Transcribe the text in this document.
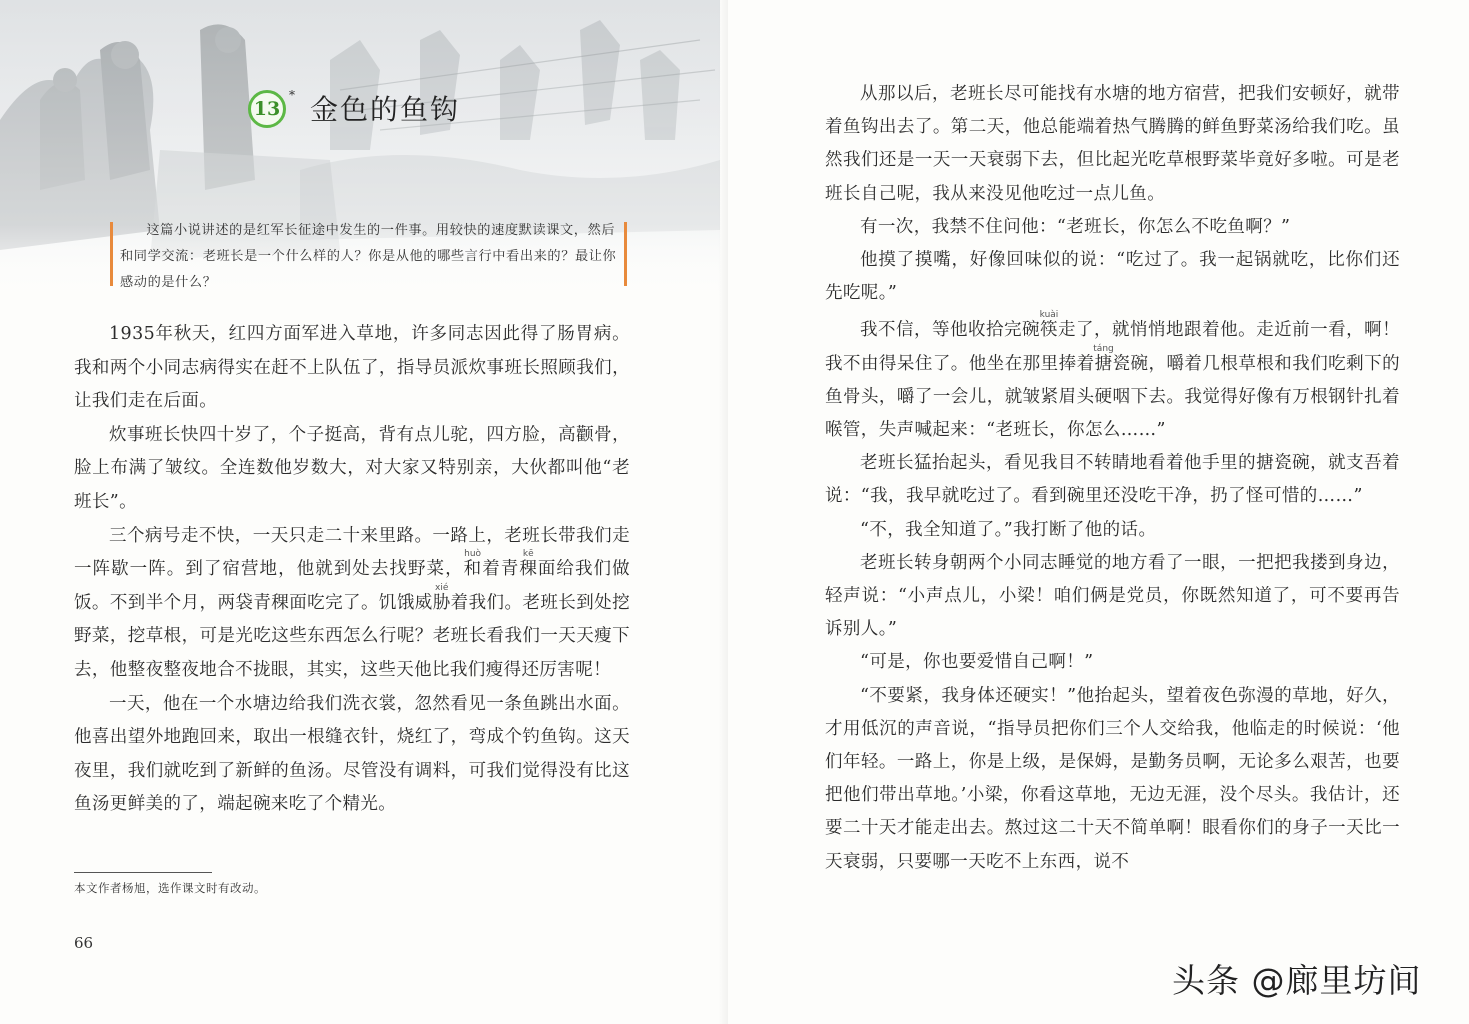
13
* 金色的鱼钩

这篇小说讲述的是红军长征途中发生的一件事。用较快的速度默读课文，然后和同学交流：老班长是一个什么样的人？你是从他的哪些言行中看出来的？最让你感动的是什么？

1935年秋天，红四方面军进入草地，许多同志因此得了肠胃病。我和两个小同志病得实在赶不上队伍了，指导员派炊事班长照顾我们，让我们走在后面。

炊事班长快四十岁了，个子挺高，背有点儿驼，四方脸，高颧骨，脸上布满了皱纹。全连数他岁数大，对大家又特别亲，大伙都叫他“老班长”。

三个病号走不快，一天只走二十来里路。一路上，老班长带我们走一阵歇一阵。到了宿营地，他就到处去找野菜，和huò着青稞kē面给我们做饭。不到半个月，两袋青稞面吃完了。饥饿威胁xié着我们。老班长到处挖野菜，挖草根，可是光吃这些东西怎么行呢？老班长看我们一天天瘦下去，他整夜整夜地合不拢眼，其实，这些天他比我们瘦得还厉害呢！

一天，他在一个水塘边给我们洗衣裳，忽然看见一条鱼跳出水面。他喜出望外地跑回来，取出一根缝衣针，烧红了，弯成个钓鱼钩。这天夜里，我们就吃到了新鲜的鱼汤。尽管没有调料，可我们觉得没有比这鱼汤更鲜美的了，端起碗来吃了个精光。

本文作者杨旭，选作课文时有改动。
66

从那以后，老班长尽可能找有水塘的地方宿营，把我们安顿好，就带着鱼钩出去了。第二天，他总能端着热气腾腾的鲜鱼野菜汤给我们吃。虽然我们还是一天一天衰弱下去，但比起光吃草根野菜毕竟好多啦。可是老班长自己呢，我从来没见他吃过一点儿鱼。

有一次，我禁不住问他：“老班长，你怎么不吃鱼啊？”

他摸了摸嘴，好像回味似的说：“吃过了。我一起锅就吃，比你们还先吃呢。”

我不信，等他收拾完碗筷kuài走了，就悄悄地跟着他。走近前一看，啊！我不由得呆住了。他坐在那里捧着搪táng瓷碗，嚼着几根草根和我们吃剩下的鱼骨头，嚼了一会儿，就皱紧眉头硬咽下去。我觉得好像有万根钢针扎着喉管，失声喊起来：“老班长，你怎么……”

老班长猛抬起头，看见我目不转睛地看着他手里的搪瓷碗，就支吾着说：“我，我早就吃过了。看到碗里还没吃干净，扔了怪可惜的……”

“不，我全知道了。”我打断了他的话。

老班长转身朝两个小同志睡觉的地方看了一眼，一把把我搂到身边，轻声说：“小声点儿，小梁！咱们俩是党员，你既然知道了，可不要再告诉别人。”

“可是，你也要爱惜自己啊！”

“不要紧，我身体还硬实！”他抬起头，望着夜色弥漫的草地，好久，才用低沉的声音说，“指导员把你们三个人交给我，他临走的时候说：‘他们年轻。一路上，你是上级，是保姆，是勤务员啊，无论多么艰苦，也要把他们带出草地。’小梁，你看这草地，无边无涯，没个尽头。我估计，还要二十天才能走出去。熬过这二十天不简单啊！眼看你们的身子一天比一天衰弱，只要哪一天吃不上东西，说不

头条 @廊里坊间
